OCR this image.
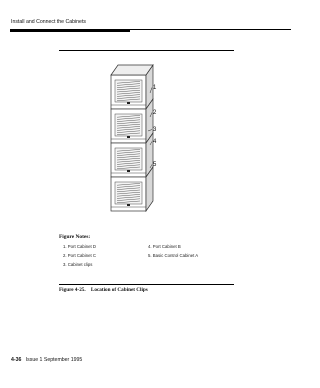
Install and Connect the Cabinets
1
2
3
4
5
Figure Notes:
1. Port Cabinet D
2. Port Cabinet C
3. Cabinet clips
4. Port Cabinet B
5. Basic Control Cabinet A
Figure 4-25. Location of Cabinet Clips
4-36 Issue 1 September 1995
